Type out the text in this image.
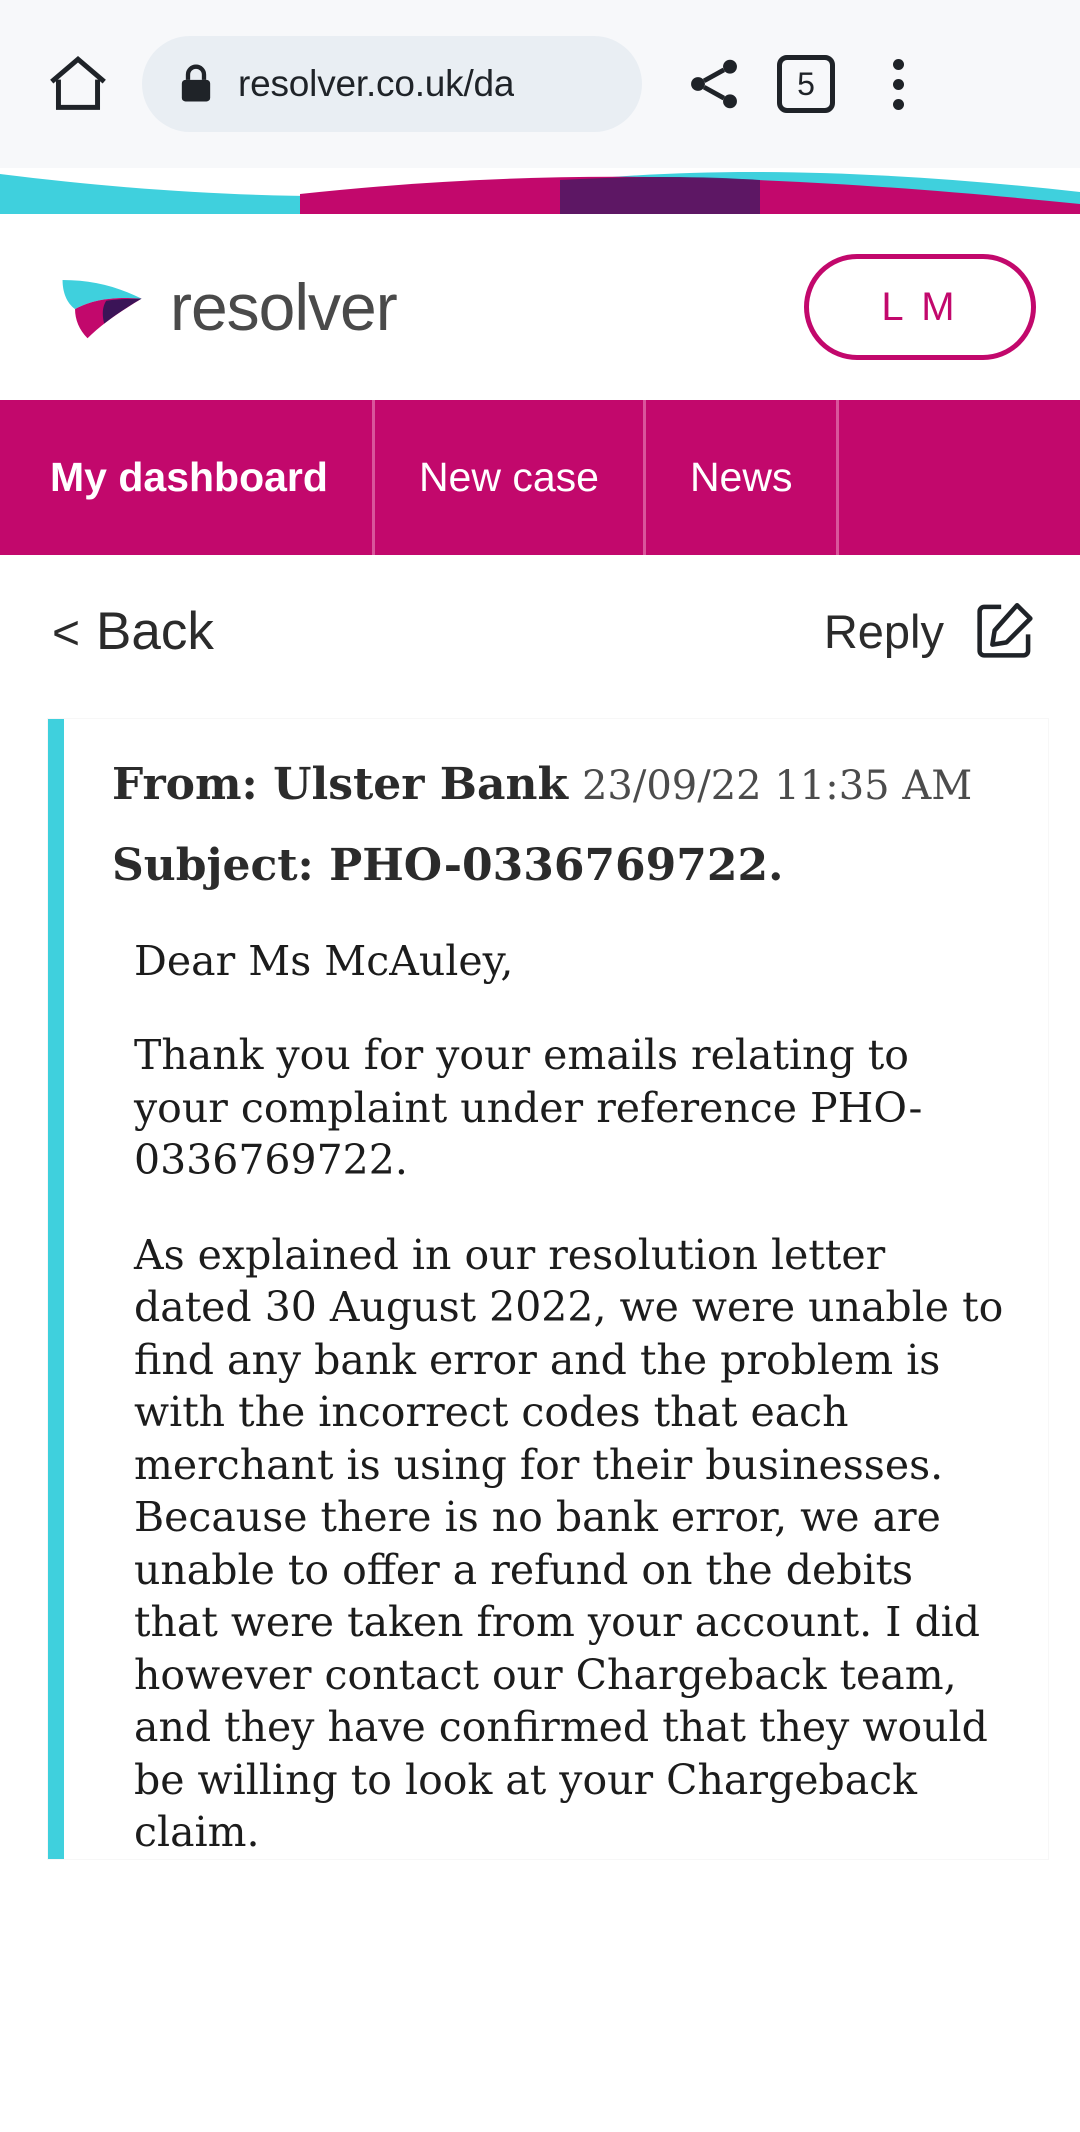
resolver.co.uk/da	5
resolver	L M
My dashboard New case News
< Back	Reply
From: Ulster Bank 23/09/22 11:35 AM
Subject: PHO-0336769722.

Dear Ms McAuley,

Thank you for your emails relating to your complaint under reference PHO-0336769722.

As explained in our resolution letter dated 30 August 2022, we were unable to find any bank error and the problem is with the incorrect codes that each merchant is using for their businesses. Because there is no bank error, we are unable to offer a refund on the debits that were taken from your account. I did however contact our Chargeback team, and they have confirmed that they would be willing to look at your Chargeback claim.
